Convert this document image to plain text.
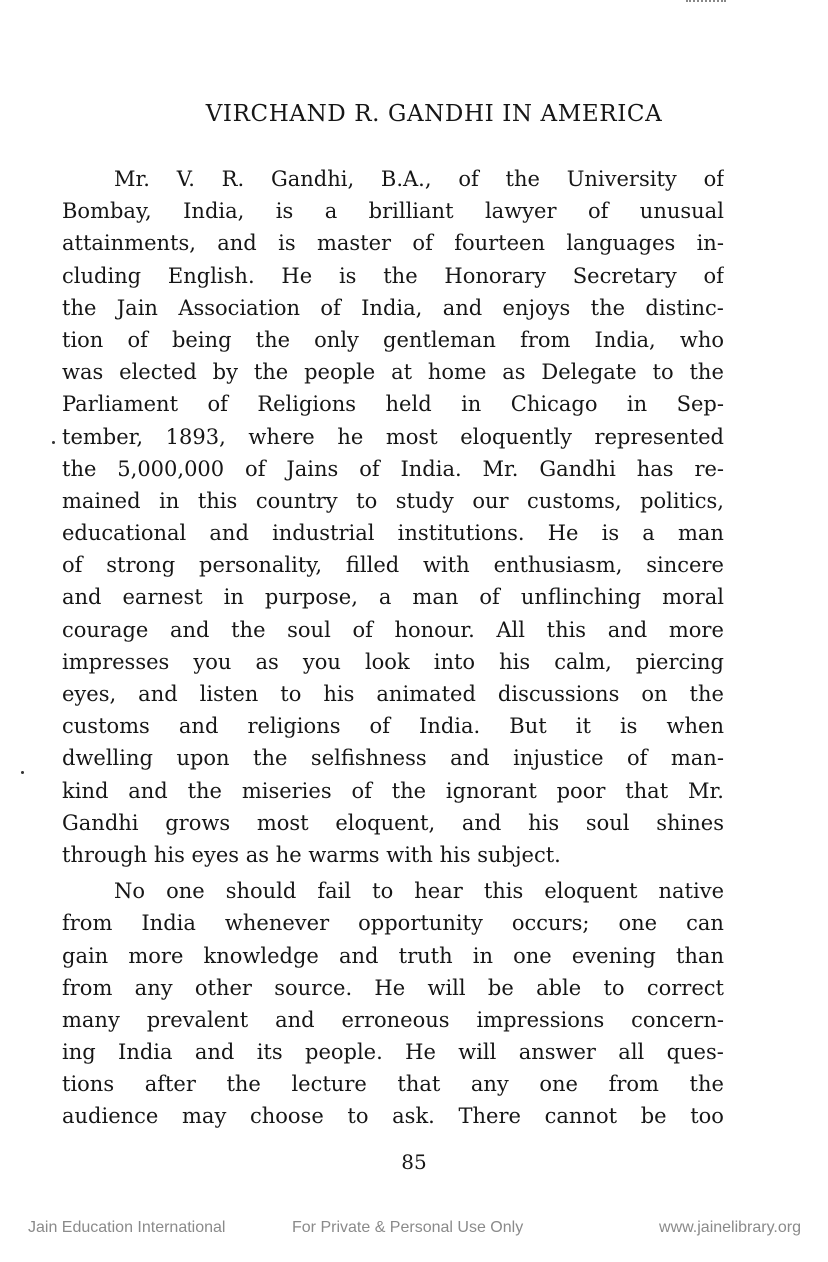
VIRCHAND R. GANDHI IN AMERICA
Mr. V. R. Gandhi, B.A., of the University of
Bombay, India, is a brilliant lawyer of unusual
attainments, and is master of fourteen languages in-
cluding English. He is the Honorary Secretary of
the Jain Association of India, and enjoys the distinc-
tion of being the only gentleman from India, who
was elected by the people at home as Delegate to the
Parliament of Religions held in Chicago in Sep-
tember, 1893, where he most eloquently represented
the 5,000,000 of Jains of India. Mr. Gandhi has re-
mained in this country to study our customs, politics,
educational and industrial institutions. He is a man
of strong personality, filled with enthusiasm, sincere
and earnest in purpose, a man of unflinching moral
courage and the soul of honour. All this and more
impresses you as you look into his calm, piercing
eyes, and listen to his animated discussions on the
customs and religions of India. But it is when
dwelling upon the selfishness and injustice of man-
kind and the miseries of the ignorant poor that Mr.
Gandhi grows most eloquent, and his soul shines
through his eyes as he warms with his subject.
No one should fail to hear this eloquent native
from India whenever opportunity occurs; one can
gain more knowledge and truth in one evening than
from any other source. He will be able to correct
many prevalent and erroneous impressions concern-
ing India and its people. He will answer all ques-
tions after the lecture that any one from the
audience may choose to ask. There cannot be too
85
Jain Education International	For Private & Personal Use Only	www.jainelibrary.org
